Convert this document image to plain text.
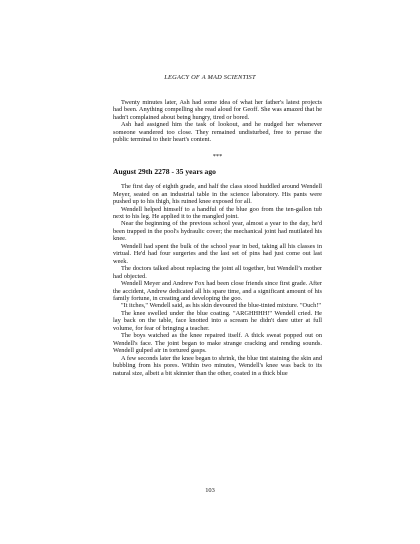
LEGACY OF A MAD SCIENTIST

Twenty minutes later, Ash had some idea of what her father's latest projects had been. Anything compelling she read aloud for Geoff. She was amazed that he hadn't complained about being hungry, tired or bored.

Ash had assigned him the task of lookout, and he nudged her whenever someone wandered too close. They remained undisturbed, free to peruse the public terminal to their heart's content.

***
August 29th 2278 - 35 years ago

The first day of eighth grade, and half the class stood huddled around Wendell Meyer, seated on an industrial table in the science laboratory. His pants were pushed up to his thigh, his ruined knee exposed for all.

Wendell helped himself to a handful of the blue goo from the ten-gallon tub next to his leg. He applied it to the mangled joint.

Near the beginning of the previous school year, almost a year to the day, he'd been trapped in the pool's hydraulic cover; the mechanical joint had mutilated his knee.

Wendell had spent the bulk of the school year in bed, taking all his classes in virtual. He'd had four surgeries and the last set of pins had just come out last week.

The doctors talked about replacing the joint all together, but Wendell’s mother had objected.

Wendell Meyer and Andrew Fox had been close friends since first grade. After the accident, Andrew dedicated all his spare time, and a significant amount of his family fortune, in creating and developing the goo.

"It itches," Wendell said, as his skin devoured the blue-tinted mixture. "Ouch!"

The knee swelled under the blue coating. "ARGHHHH!" Wendell cried. He lay back on the table, face knotted into a scream he didn't dare utter at full volume, for fear of bringing a teacher.

The boys watched as the knee repaired itself. A thick sweat popped out on Wendell's face. The joint began to make strange cracking and rending sounds. Wendell gulped air in tortured gasps.

A few seconds later the knee began to shrink, the blue tint staining the skin and bubbling from his pores. Within two minutes, Wendell's knee was back to its natural size, albeit a bit skinnier than the other, coated in a thick blue

103
